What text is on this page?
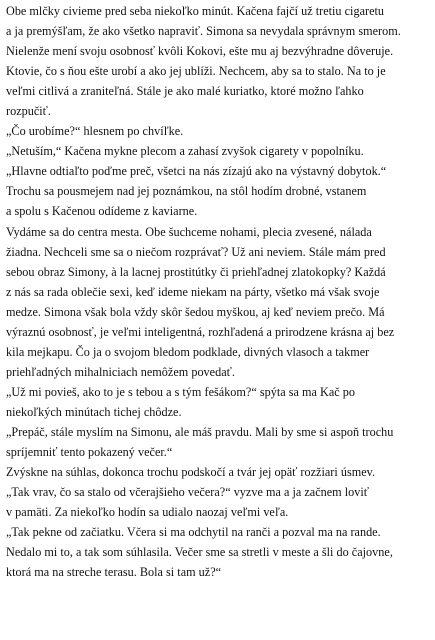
Obe mlčky civieme pred seba niekoľko minút. Kačena fajčí už tretiu cigaretu
a ja premýšľam, že ako všetko napraviť. Simona sa nevydala správnym smerom.
Nielenže mení svoju osobnosť kvôli Kokovi, ešte mu aj bezvýhradne dôveruje.
Ktovie, čo s ňou ešte urobí a ako jej ublíži. Nechcem, aby sa to stalo. Na to je
veľmi citlivá a zraniteľná. Stále je ako malé kuriatko, ktoré možno ľahko
rozpučiť.
„Čo urobíme?“ hlesnem po chvíľke.
„Netuším,“ Kačena mykne plecom a zahasí zvyšok cigarety v popolníku.
„Hlavne odtiaľto poďme preč, všetci na nás zízajú ako na výstavný dobytok.“
Trochu sa pousmejem nad jej poznámkou, na stôl hodím drobné, vstanem
a spolu s Kačenou odídeme z kaviarne.
Vydáme sa do centra mesta. Obe šuchceme nohami, plecia zvesené, nálada
žiadna. Nechceli sme sa o niečom rozprávať? Už ani neviem. Stále mám pred
sebou obraz Simony, à la lacnej prostitútky či priehľadnej zlatokopky? Každá
z nás sa rada oblečie sexi, keď ideme niekam na párty, všetko má však svoje
medze. Simona však bola vždy skôr šedou myškou, aj keď neviem prečo. Má
výraznú osobnosť, je veľmi inteligentná, rozhľadená a prirodzene krásna aj bez
kila mejkapu. Čo ja o svojom bledom podklade, divných vlasoch a takmer
priehľadných mihalniciach nemôžem povedať.
„Už mi povieš, ako to je s tebou a s tým fešákom?“ spýta sa ma Kač po
niekoľkých minútach tichej chôdze.
„Prepáč, stále myslím na Simonu, ale máš pravdu. Mali by sme si aspoň trochu
spríjemniť tento pokazený večer.“
Zvýskne na súhlas, dokonca trochu podskočí a tvár jej opäť rozžiari úsmev.
„Tak vrav, čo sa stalo od včerajšieho večera?“ vyzve ma a ja začnem loviť
v pamäti. Za niekoľko hodín sa udialo naozaj veľmi veľa.
„Tak pekne od začiatku. Včera si ma odchytil na ranči a pozval ma na rande.
Nedalo mi to, a tak som súhlasila. Večer sme sa stretli v meste a šli do čajovne,
ktorá ma na streche terasu. Bola si tam už?“
